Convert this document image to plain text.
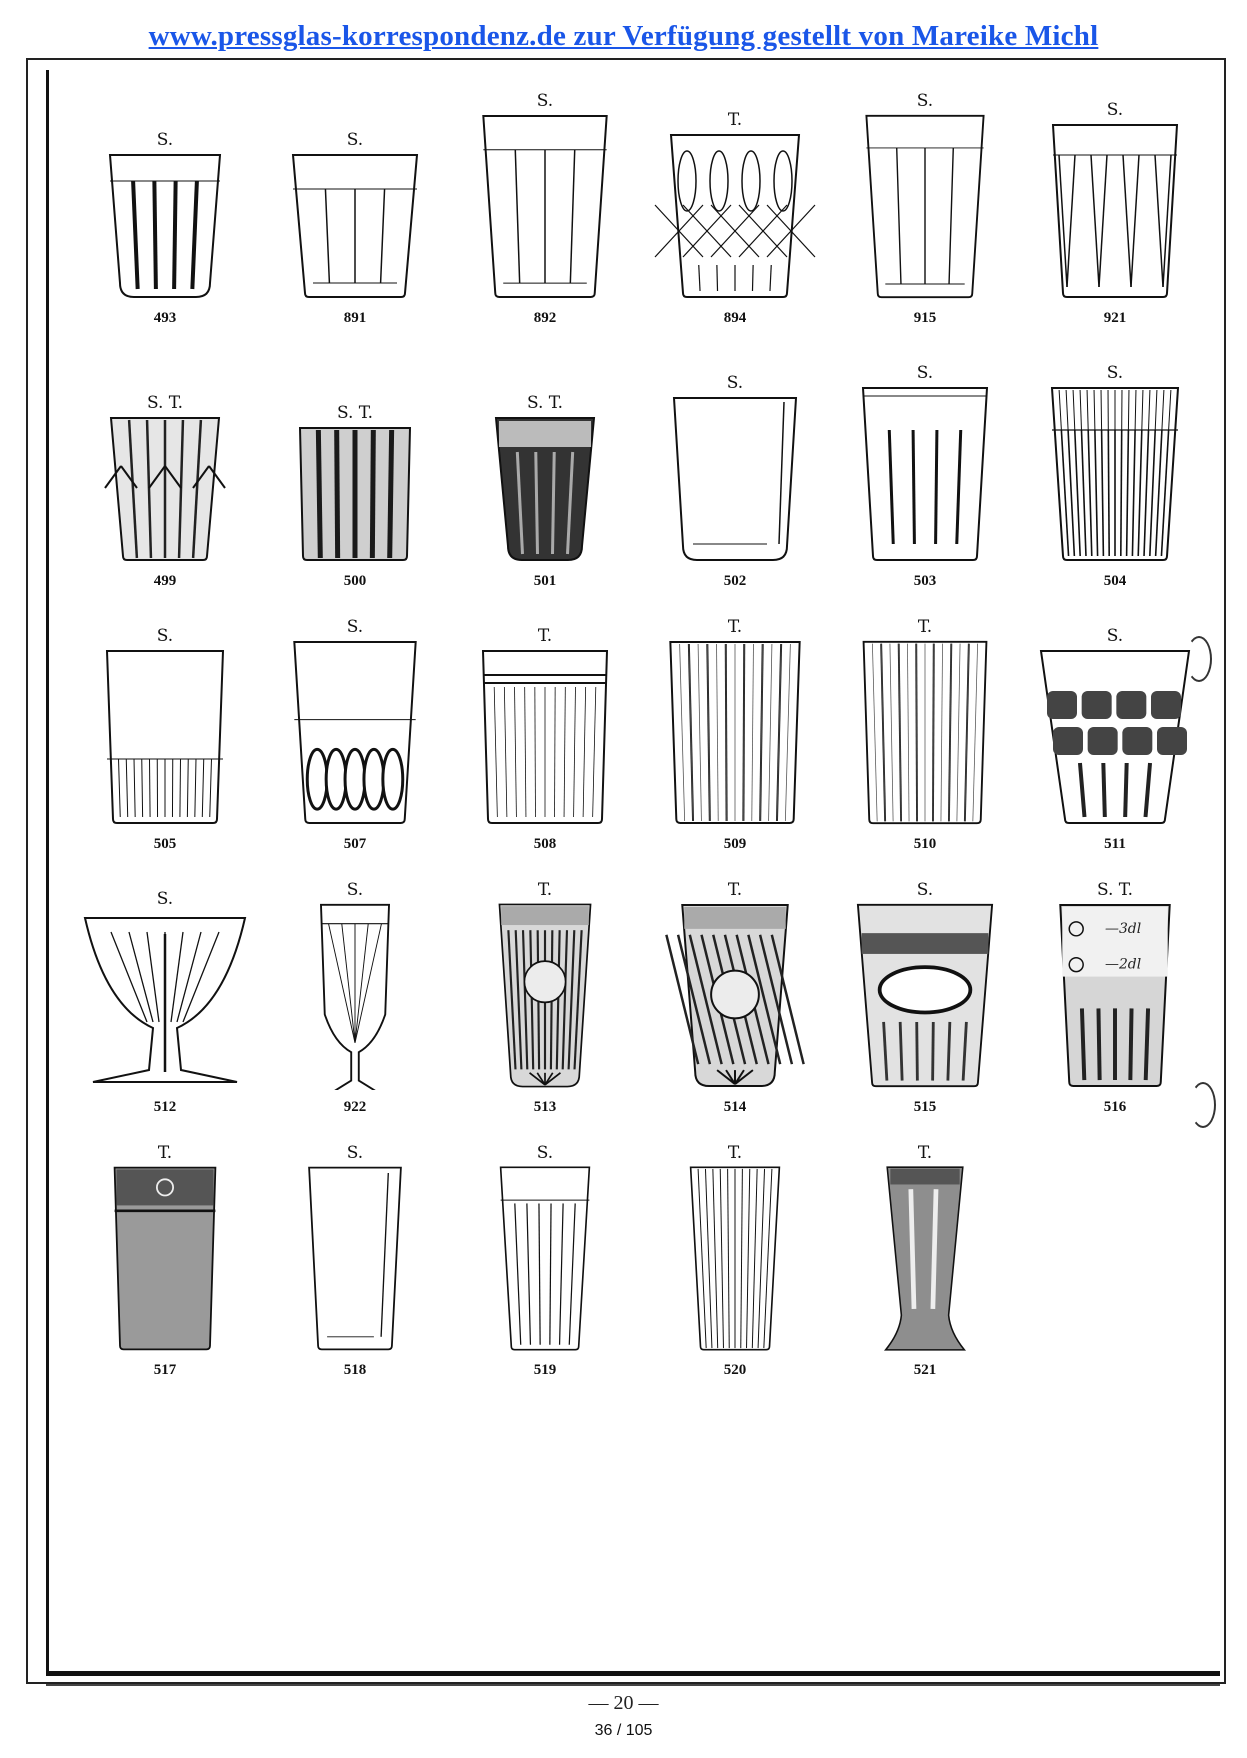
www.pressglas-korrespondenz.de zur Verfügung gestellt von Mareike Michl
S.
493
S.
891
S.
892
T.
894
S.
915
S.
921
S. T.
499
S. T.
500
S. T.
501
S.
502
S.
503
S.
504
S.
505
S.
507
T.
508
T.
509
T.
510
S.
511
S.
512
S.
922
T.
513
T.
514
S.
515
S. T.
—3dl
—2dl
516
T.
517
S.
518
S.
519
T.
520
T.
521
— 20 —
36 / 105
